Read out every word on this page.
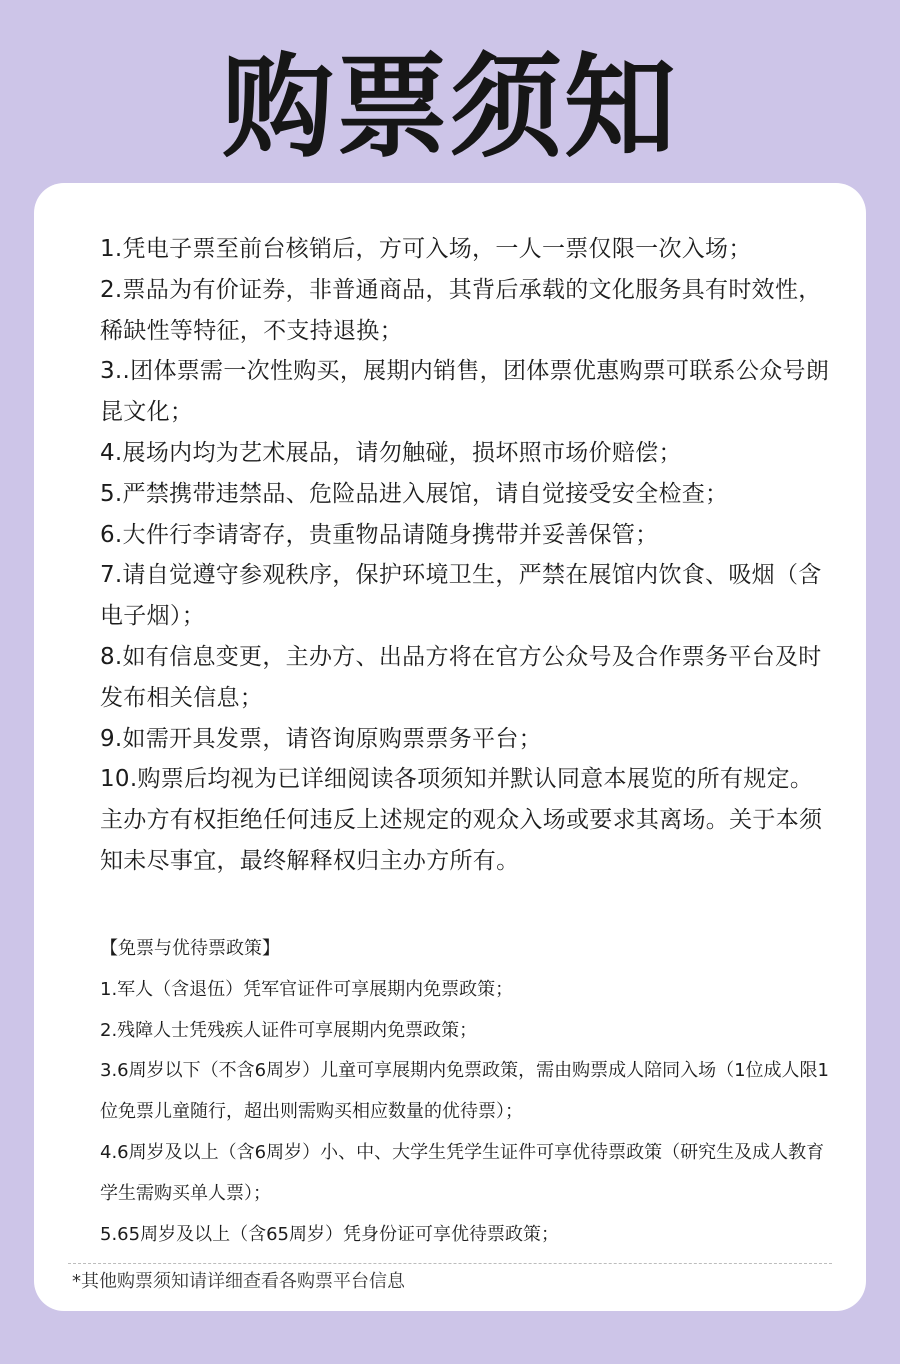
购票须知
1.凭电子票至前台核销后，方可入场，一人一票仅限一次入场；
2.票品为有价证券，非普通商品，其背后承载的文化服务具有时效性，稀缺性等特征，不支持退换；
3..团体票需一次性购买，展期内销售，团体票优惠购票可联系公众号朗昆文化；
4.展场内均为艺术展品，请勿触碰，损坏照市场价赔偿；
5.严禁携带违禁品、危险品进入展馆，请自觉接受安全检查；
6.大件行李请寄存，贵重物品请随身携带并妥善保管；
7.请自觉遵守参观秩序，保护环境卫生，严禁在展馆内饮食、吸烟（含电子烟）；
8.如有信息变更，主办方、出品方将在官方公众号及合作票务平台及时发布相关信息；
9.如需开具发票，请咨询原购票票务平台；
10.购票后均视为已详细阅读各项须知并默认同意本展览的所有规定。主办方有权拒绝任何违反上述规定的观众入场或要求其离场。关于本须知未尽事宜，最终解释权归主办方所有。
【免票与优待票政策】
1.军人（含退伍）凭军官证件可享展期内免票政策；
2.残障人士凭残疾人证件可享展期内免票政策；
3.6周岁以下（不含6周岁）儿童可享展期内免票政策，需由购票成人陪同入场（1位成人限1位免票儿童随行，超出则需购买相应数量的优待票）；
4.6周岁及以上（含6周岁）小、中、大学生凭学生证件可享优待票政策（研究生及成人教育学生需购买单人票）；
5.65周岁及以上（含65周岁）凭身份证可享优待票政策；
*其他购票须知请详细查看各购票平台信息
